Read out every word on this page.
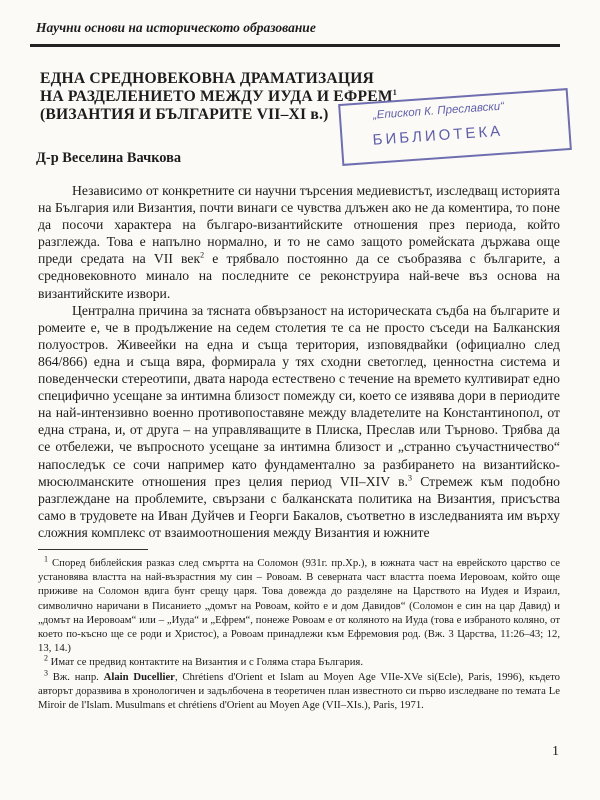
Научни основи на историческото образование
ЕДНА СРЕДНОВЕКОВНА ДРАМАТИЗАЦИЯ
НА РАЗДЕЛЕНИЕТО МЕЖДУ ИУДА И ЕФРЕМ$^1$
(ВИЗАНТИЯ И БЪЛГАРИТЕ VII–XI в.)	„Епископ К. Преславски“
БИБЛИОТЕКА
Д-р Веселина Вачкова

Независимо от конкретните си научни търсения медиевистът, изследващ историята на България или Византия, почти винаги се чувства длъжен ако не да коментира, то поне да посочи характера на българо-византийските отношения през периода, който разглежда. Това е напълно нормално, и то не само защото ромейската държава още преди средата на VII век$^2$ е трябвало постоянно да се съобразява с българите, а средновековното минало на последните се реконструира най-вече въз основа на византийските извори.

Централна причина за тясната обвързаност на историческата съдба на българите и ромеите е, че в продължение на седем столетия те са не просто съседи на Балканския полуостров. Живеейки на една и съща територия, изповядвайки (официално след 864/866) една и съща вяра, формирала у тях сходни светоглед, ценностна система и поведенчески стереотипи, двата народа естествено с течение на времето култивират едно специфично усещане за интимна близост помежду си, което се изявява дори в периодите на най-интензивно военно противопоставяне между владетелите на Константинопол, от една страна, и, от друга – на управляващите в Плиска, Преслав или Търново. Трябва да се отбележи, че въпросното усещане за интимна близост и „странно съучастничество“ напоследък се сочи например като фундаментално за разбирането на византийско-мюсюлманските отношения през целия период VII–XIV в.$^3$ Стремеж към подобно разглеждане на проблемите, свързани с балканската политика на Византия, присъства само в трудовете на Иван Дуйчев и Георги Бакалов, съответно в изследванията им върху сложния комплекс от взаимоотношения между Византия и южните

$^1$ Според библейския разказ след смъртта на Соломон (931г. пр.Хр.), в южната част на еврейското царство се установява властта на най-възрастния му син – Ровоам. В северната част властта поема Иеровоам, който още приживе на Соломон вдига бунт срещу царя. Това довежда до разделяне на Царството на Иудея и Израил, символично наричани в Писанието „домът на Ровоам, който е и дом Давидов“ (Соломон е син на цар Давид) и „домът на Иеровоам“ или – „Иуда“ и „Ефрем“, понеже Ровоам е от коляното на Иуда (това е избраното коляно, от което по-късно ще се роди и Христос), а Ровоам принадлежи към Ефремовия род. (Вж. 3 Царства, 11:26–43; 12, 13, 14.)

$^2$ Имат се предвид контактите на Византия и с Голяма стара България.

$^3$ Вж. напр. Alain Ducellier, Chrétiens d'Orient et Islam au Moyen Age VIIe-XVe si(Ecle), Paris, 1996), където авторът доразвива в хронологичен и задълбочена в теоретичен план известното си първо изследване по темата Le Miroir de l'Islam. Musulmans et chrétiens d'Orient au Moyen Age (VII–XIs.), Paris, 1971.

1
